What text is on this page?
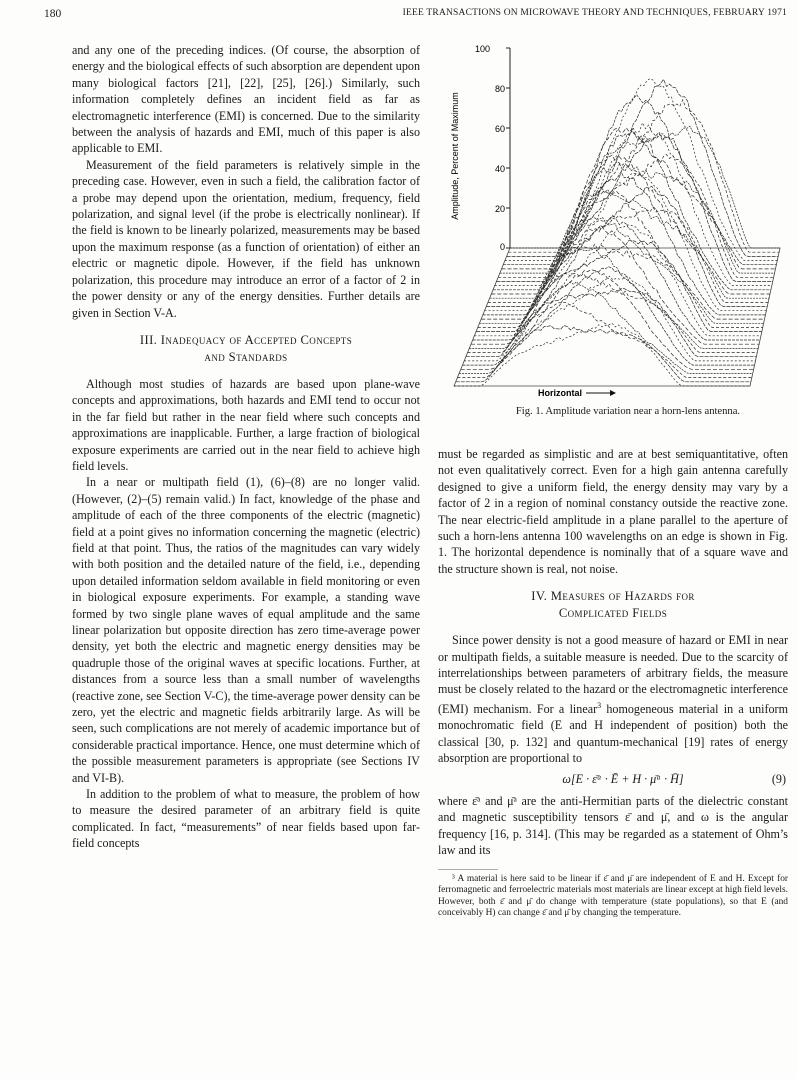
180	IEEE TRANSACTIONS ON MICROWAVE THEORY AND TECHNIQUES, FEBRUARY 1971

and any one of the preceding indices. (Of course, the absorption of energy and the biological effects of such absorption are dependent upon many biological factors [21], [22], [25], [26].) Similarly, such information completely defines an incident field as far as electromagnetic interference (EMI) is concerned. Due to the similarity between the analysis of hazards and EMI, much of this paper is also applicable to EMI.

Measurement of the field parameters is relatively simple in the preceding case. However, even in such a field, the calibration factor of a probe may depend upon the orientation, medium, frequency, field polarization, and signal level (if the probe is electrically nonlinear). If the field is known to be linearly polarized, measurements may be based upon the maximum response (as a function of orientation) of either an electric or magnetic dipole. However, if the field has unknown polarization, this procedure may introduce an error of a factor of 2 in the power density or any of the energy densities. Further details are given in Section V-A.

III. Inadequacy of Accepted Concepts
and Standards

Although most studies of hazards are based upon plane-wave concepts and approximations, both hazards and EMI tend to occur not in the far field but rather in the near field where such concepts and approximations are inapplicable. Further, a large fraction of biological exposure experiments are carried out in the near field to achieve high field levels.

In a near or multipath field (1), (6)–(8) are no longer valid. (However, (2)–(5) remain valid.) In fact, knowledge of the phase and amplitude of each of the three components of the electric (magnetic) field at a point gives no information concerning the magnetic (electric) field at that point. Thus, the ratios of the magnitudes can vary widely with both position and the detailed nature of the field, i.e., depending upon detailed information seldom available in field monitoring or even in biological exposure experiments. For example, a standing wave formed by two single plane waves of equal amplitude and the same linear polarization but opposite direction has zero time-average power density, yet both the electric and magnetic energy densities may be quadruple those of the original waves at specific locations. Further, at distances from a source less than a small number of wavelengths (reactive zone, see Section V-C), the time-average power density can be zero, yet the electric and magnetic fields arbitrarily large. As will be seen, such complications are not merely of academic importance but of considerable practical importance. Hence, one must determine which of the possible measurement parameters is appropriate (see Sections IV and VI-B).

In addition to the problem of what to measure, the problem of how to measure the desired parameter of an arbitrary field is quite complicated. In fact, “measurements” of near fields based upon far-field concepts

Amplitude, Percent of Maximum
100
80
60
40
20
0
Horizontal
Fig. 1. Amplitude variation near a horn-lens antenna.

must be regarded as simplistic and are at best semiquantitative, often not even qualitatively correct. Even for a high gain antenna carefully designed to give a uniform field, the energy density may vary by a factor of 2 in a region of nominal constancy outside the reactive zone. The near electric-field amplitude in a plane parallel to the aperture of such a horn-lens antenna 100 wavelengths on an edge is shown in Fig. 1. The horizontal dependence is nominally that of a square wave and the structure shown is real, not noise.

IV. Measures of Hazards for
Complicated Fields

Since power density is not a good measure of hazard or EMI in near or multipath fields, a suitable measure is needed. Due to the scarcity of interrelationships between parameters of arbitrary fields, the measure must be closely related to the hazard or the electromagnetic interference (EMI) mechanism. For a linear$^3$ homogeneous material in a uniform monochromatic field (E and H independent of position) both the classical [30, p. 132] and quantum-mechanical [19] rates of energy absorption are proportional to

ω[E · ε̄ᵃ · Ē + H · μ̄ᵃ · H̄]	(9)

where ε̄ᵃ and μ̄ᵃ are the anti-Hermitian parts of the dielectric constant and magnetic susceptibility tensors ε̄ and μ̄, and ω is the angular frequency [16, p. 314]. (This may be regarded as a statement of Ohm’s law and its

³ A material is here said to be linear if ε̄ and μ̄ are independent of E and H. Except for ferromagnetic and ferroelectric materials most materials are linear except at high field levels. However, both ε̄ and μ̄ do change with temperature (state populations), so that E (and conceivably H) can change ε̄ and μ̄ by changing the temperature.
